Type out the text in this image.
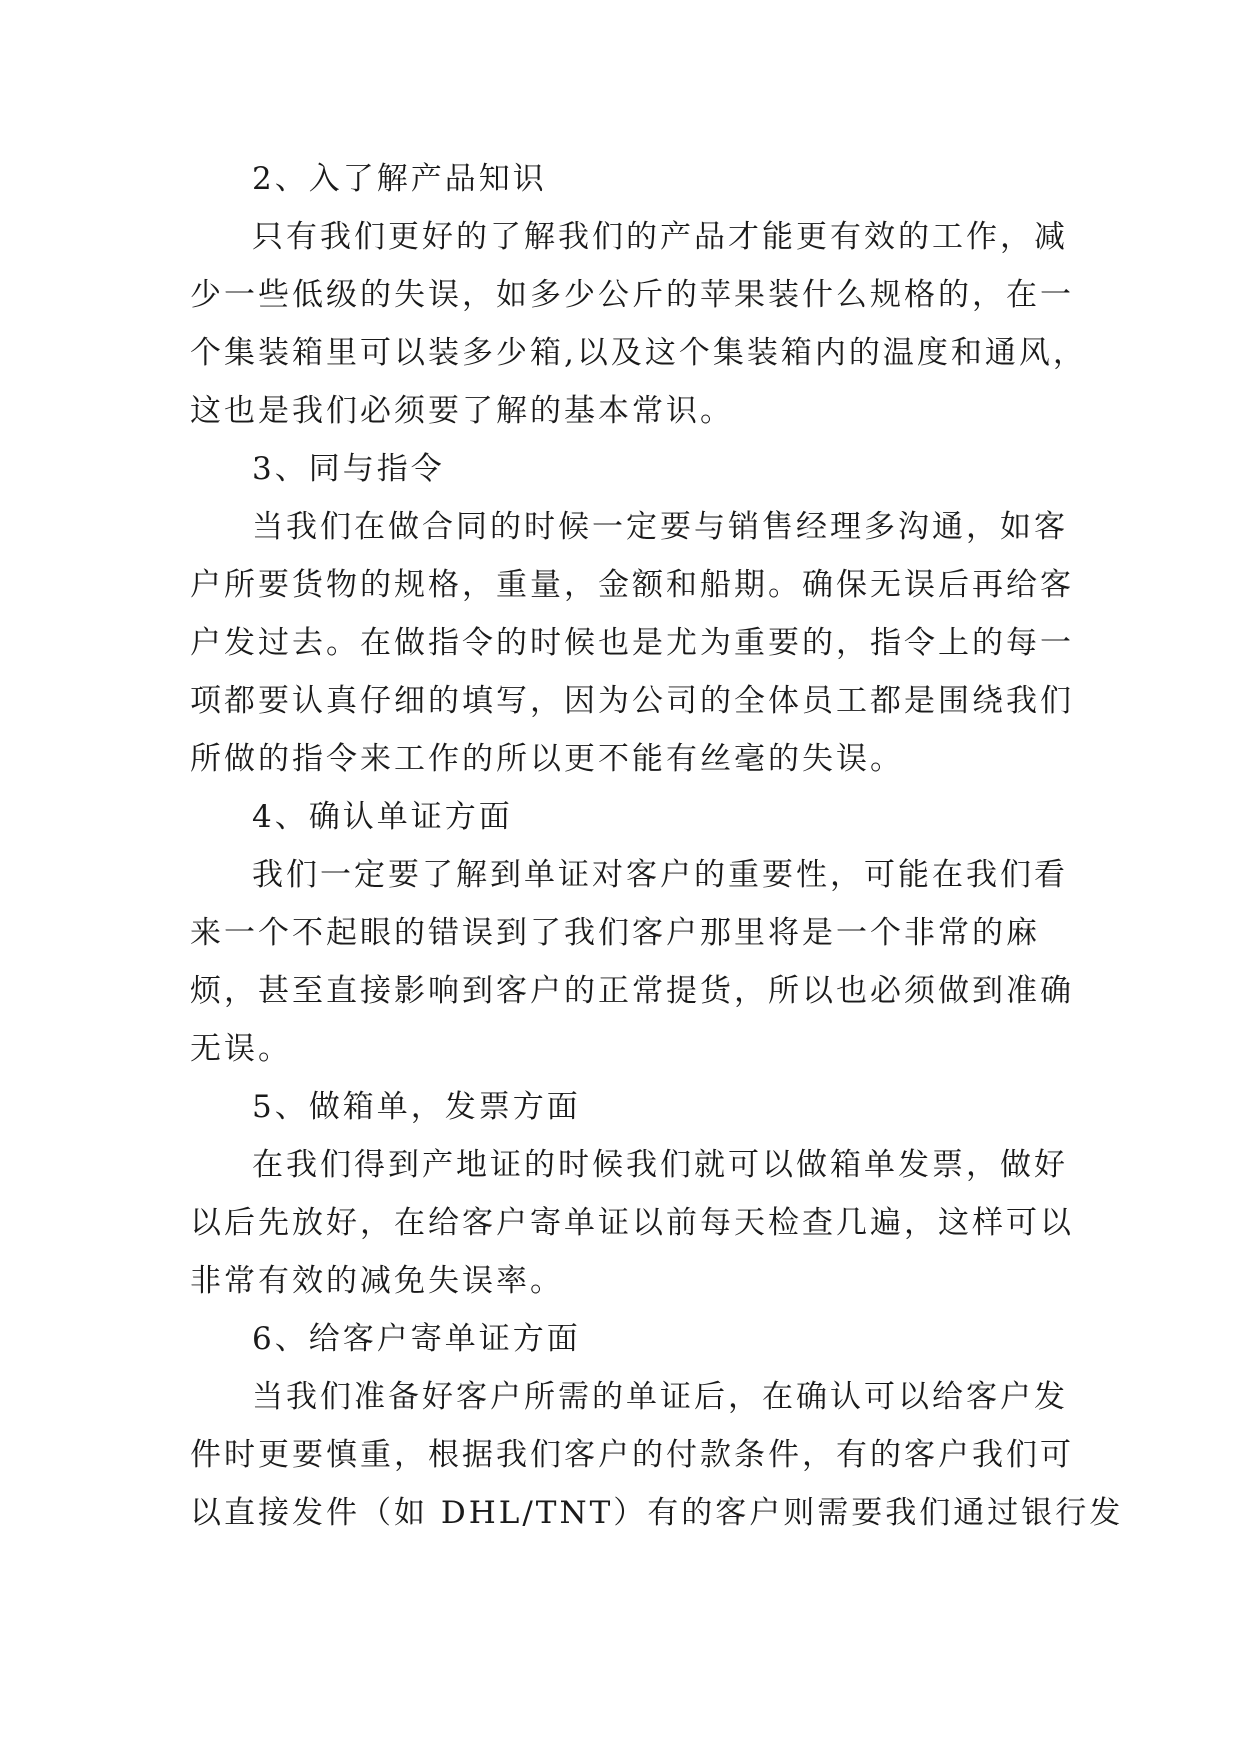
2、入了解产品知识
只有我们更好的了解我们的产品才能更有效的工作，减
少一些低级的失误，如多少公斤的苹果装什么规格的，在一
个集装箱里可以装多少箱,以及这个集装箱内的温度和通风，
这也是我们必须要了解的基本常识。
3、同与指令
当我们在做合同的时候一定要与销售经理多沟通，如客
户所要货物的规格，重量，金额和船期。确保无误后再给客
户发过去。在做指令的时候也是尤为重要的，指令上的每一
项都要认真仔细的填写，因为公司的全体员工都是围绕我们
所做的指令来工作的所以更不能有丝毫的失误。
4、确认单证方面
我们一定要了解到单证对客户的重要性，可能在我们看
来一个不起眼的错误到了我们客户那里将是一个非常的麻
烦，甚至直接影响到客户的正常提货，所以也必须做到准确
无误。
5、做箱单，发票方面
在我们得到产地证的时候我们就可以做箱单发票，做好
以后先放好，在给客户寄单证以前每天检查几遍，这样可以
非常有效的减免失误率。
6、给客户寄单证方面
当我们准备好客户所需的单证后，在确认可以给客户发
件时更要慎重，根据我们客户的付款条件，有的客户我们可
以直接发件（如 DHL/TNT）有的客户则需要我们通过银行发
